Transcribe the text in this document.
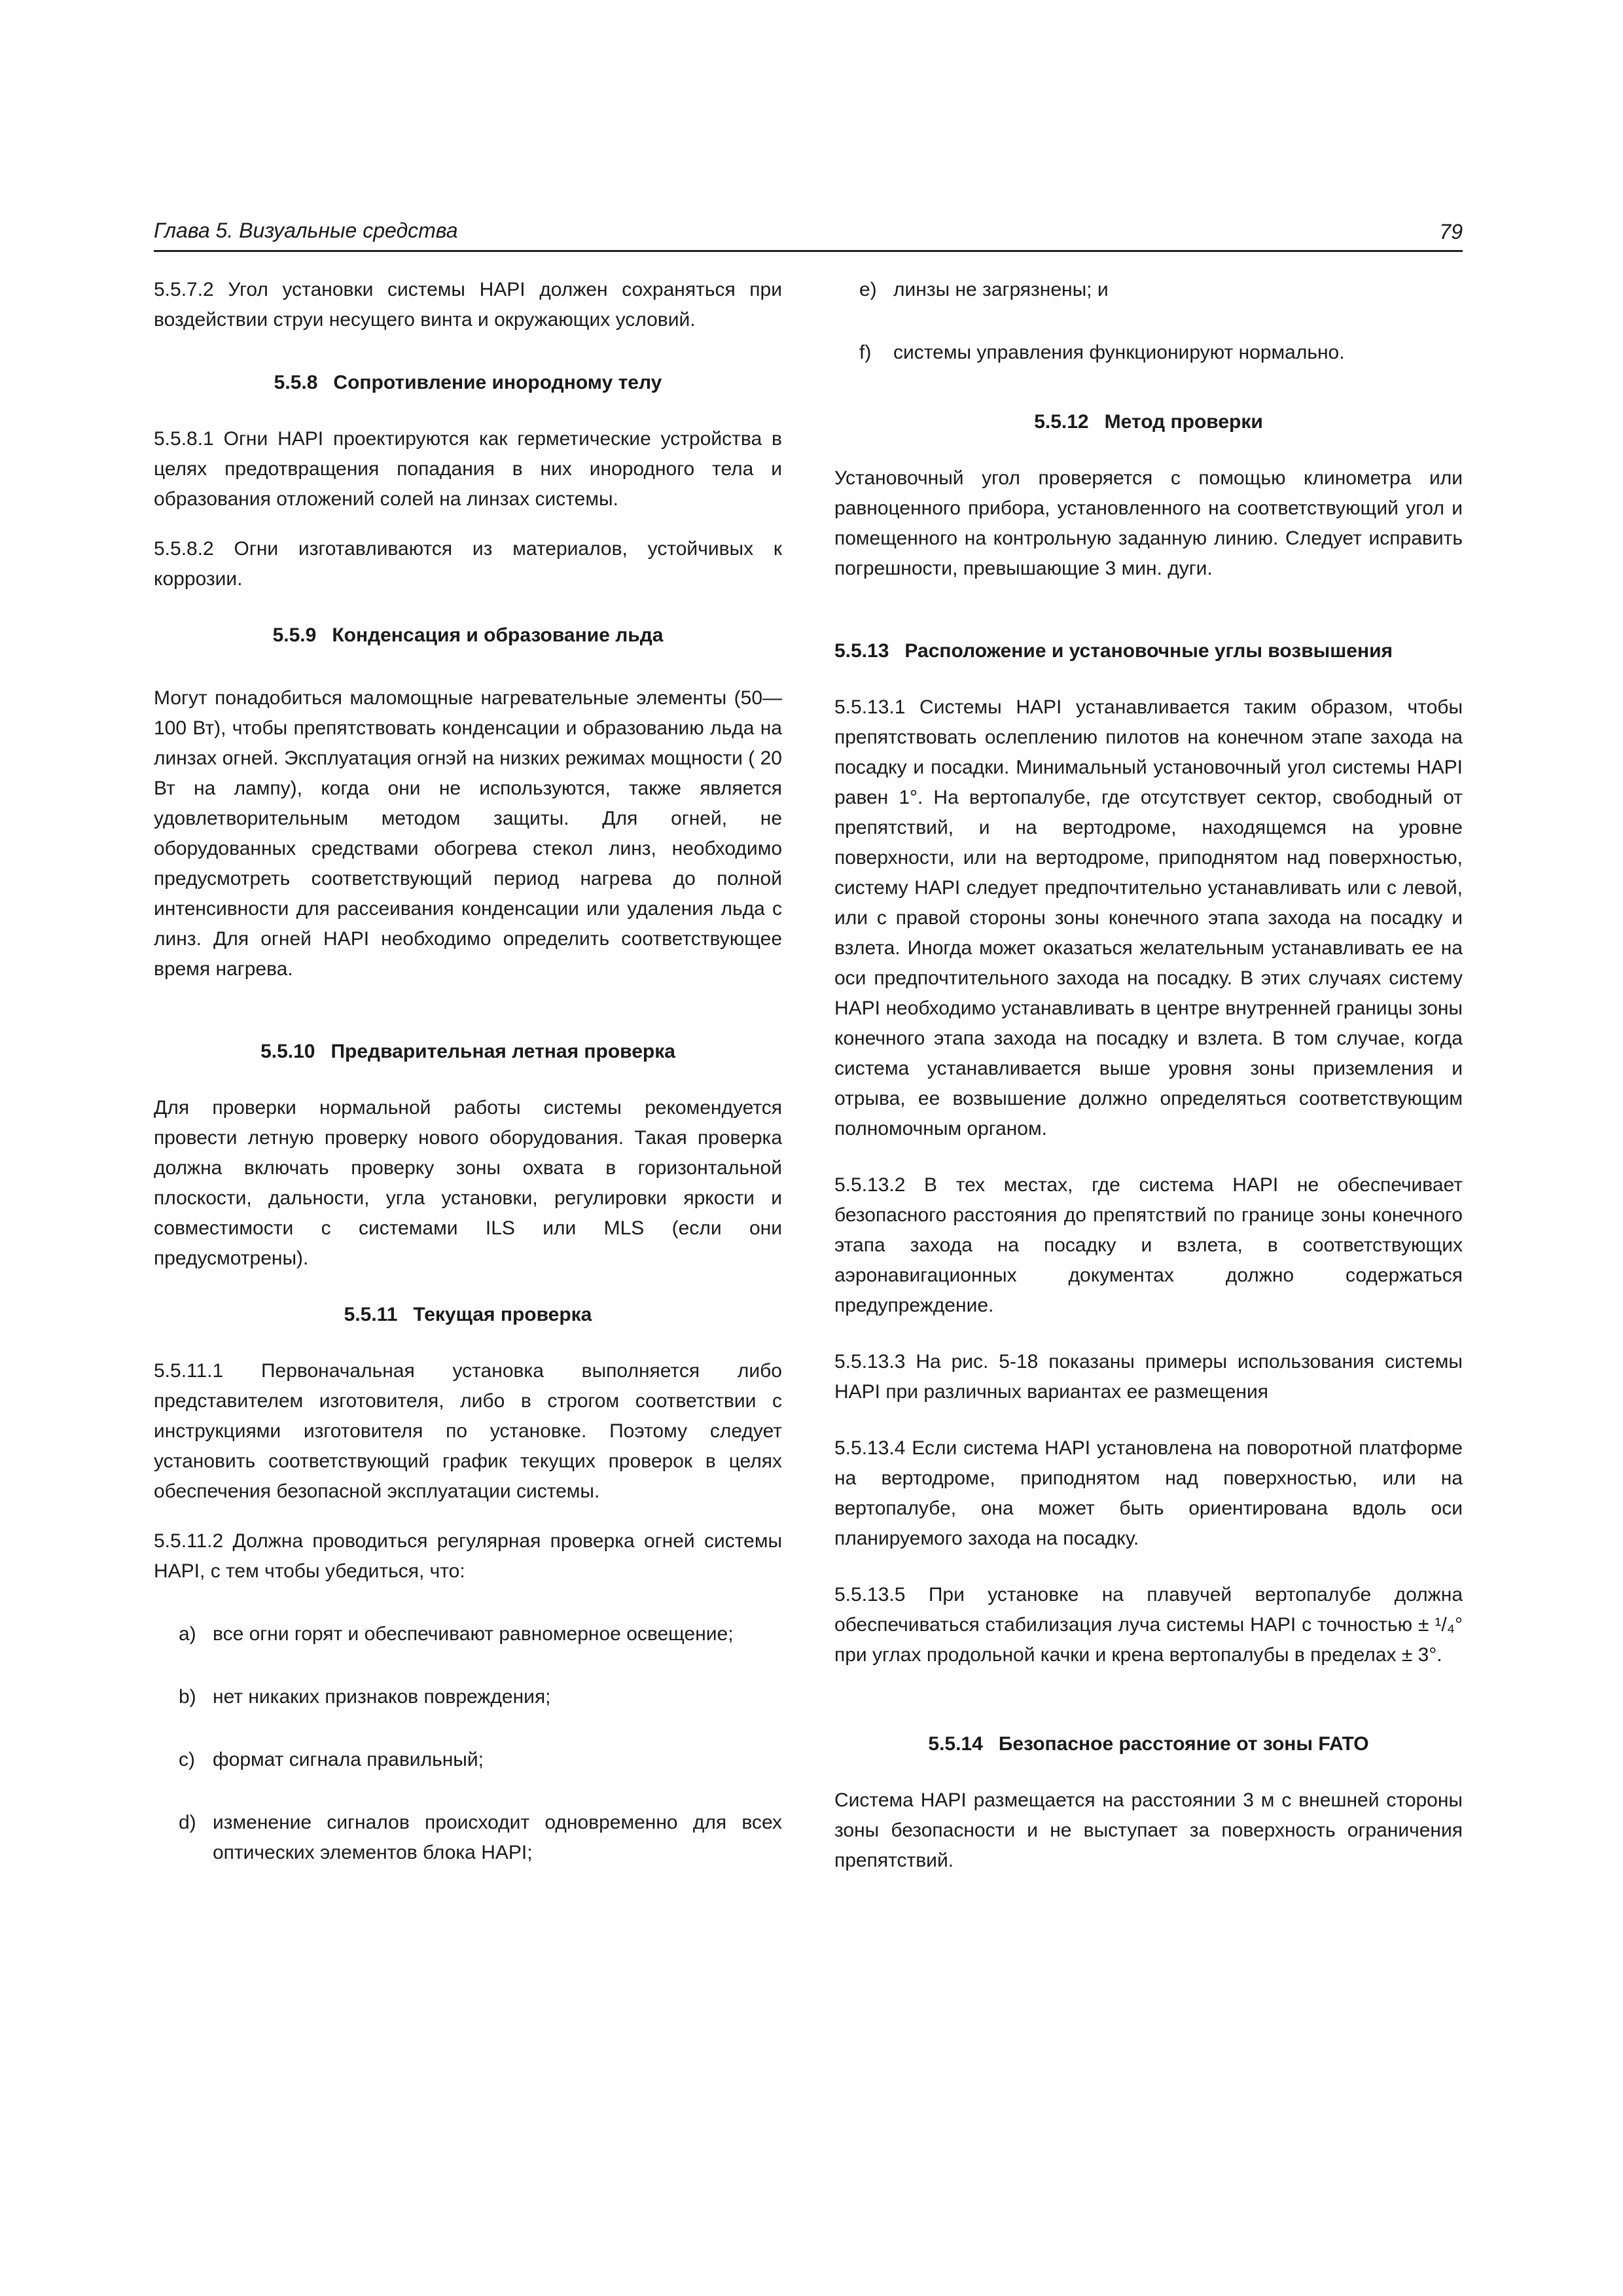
Глава 5. Визуальные средства	79

5.5.7.2 Угол установки системы HAPI должен сохраняться при воздействии струи несущего винта и окружающих условий.

5.5.8 Сопротивление инородному телу

5.5.8.1 Огни HAPI проектируются как герметические устройства в целях предотвращения попадания в них инородного тела и образования отложений солей на линзах системы.

5.5.8.2 Огни изготавливаются из материалов, устойчивых к коррозии.

5.5.9 Конденсация и образование льда

Могут понадобиться маломощные нагревательные элементы (50—100 Вт), чтобы препятствовать конденсации и образованию льда на линзах огней. Эксплуатация огнэй на низких режимах мощности ( 20 Вт на лампу), когда они не используются, также является удовлетворительным методом защиты. Для огней, не оборудованных средствами обогрева стекол линз, необходимо предусмотреть соответствующий период нагрева до полной интенсивности для рассеивания конденсации или удаления льда с линз. Для огней HAPI необходимо определить соответствующее время нагрева.

5.5.10 Предварительная летная проверка

Для проверки нормальной работы системы рекомендуется провести летную проверку нового оборудования. Такая проверка должна включать проверку зоны охвата в горизонтальной плоскости, дальности, угла установки, регулировки яркости и совместимости с системами ILS или MLS (если они предусмотрены).

5.5.11 Текущая проверка

5.5.11.1 Первоначальная установка выполняется либо представителем изготовителя, либо в строгом соответствии с инструкциями изготовителя по установке. Поэтому следует установить соответствующий график текущих проверок в целях обеспечения безопасной эксплуатации системы.

5.5.11.2 Должна проводиться регулярная проверка огней системы HAPI, с тем чтобы убедиться, что:

a) все огни горят и обеспечивают равномерное освещение;
b) нет никаких признаков повреждения;
c) формат сигнала правильный;
d) изменение сигналов происходит одновременно для всех оптических элементов блока HAPI;
e) линзы не загрязнены; и
f) системы управления функционируют нормально.
5.5.12 Метод проверки

Установочный угол проверяется с помощью клинометра или равноценного прибора, установленного на соответствующий угол и помещенного на контрольную заданную линию. Следует исправить погрешности, превышающие 3 мин. дуги.

5.5.13 Расположение и установочные углы возвышения

5.5.13.1 Системы HAPI устанавливается таким образом, чтобы препятствовать ослеплению пилотов на конечном этапе захода на посадку и посадки. Минимальный установочный угол системы HAPI равен 1°. На вертопалубе, где отсутствует сектор, свободный от препятствий, и на вертодроме, находящемся на уровне поверхности, или на вертодроме, приподнятом над поверхностью, систему HAPI следует предпочтительно устанавливать или с левой, или с правой стороны зоны конечного этапа захода на посадку и взлета. Иногда может оказаться желательным устанавливать ее на оси предпочтительного захода на посадку. В этих случаях систему HAPI необходимо устанавливать в центре внутренней границы зоны конечного этапа захода на посадку и взлета. В том случае, когда система устанавливается выше уровня зоны приземления и отрыва, ее возвышение должно определяться соответствующим полномочным органом.

5.5.13.2 В тех местах, где система HAPI не обеспечивает безопасного расстояния до препятствий по границе зоны конечного этапа захода на посадку и взлета, в соответствующих аэронавигационных документах должно содержаться предупреждение.

5.5.13.3 На рис. 5-18 показаны примеры использования системы HAPI при различных вариантах ее размещения

5.5.13.4 Если система HAPI установлена на поворотной платформе на вертодроме, приподнятом над поверхностью, или на вертопалубе, она может быть ориентирована вдоль оси планируемого захода на посадку.

5.5.13.5 При установке на плавучей вертопалубе должна обеспечиваться стабилизация луча системы HAPI с точностью ± ¹/₄° при углах продольной качки и крена вертопалубы в пределах ± 3°.

5.5.14 Безопасное расстояние от зоны FATO

Система HAPI размещается на расстоянии 3 м с внешней стороны зоны безопасности и не выступает за поверхность ограничения препятствий.
